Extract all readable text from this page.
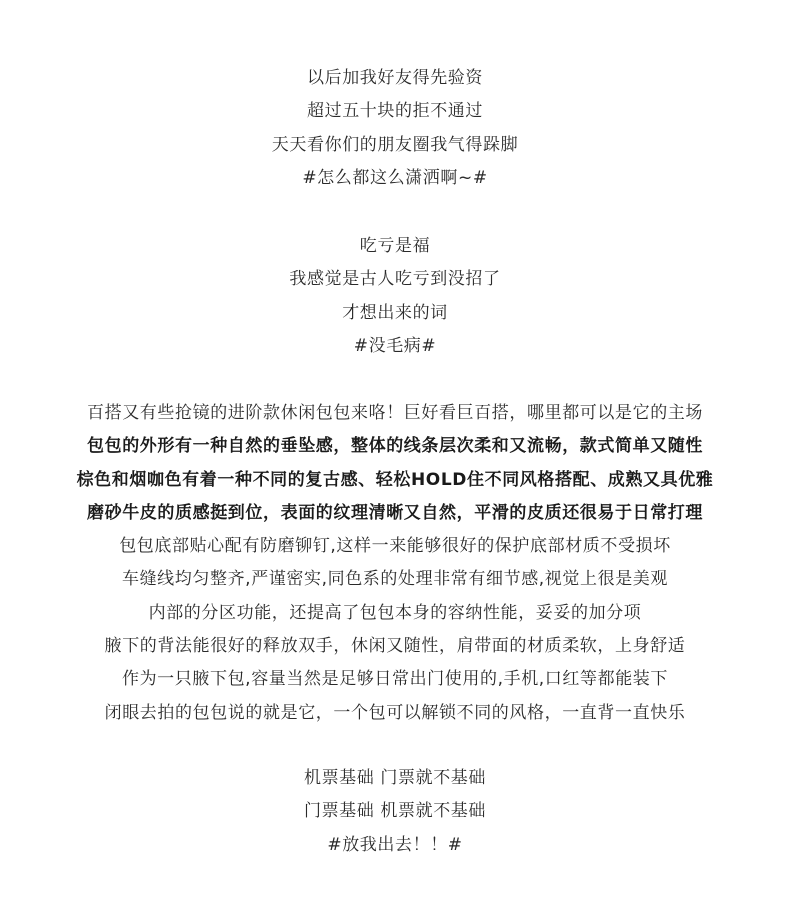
以后加我好友得先验资
超过五十块的拒不通过
天天看你们的朋友圈我气得跺脚
#怎么都这么潇洒啊~#
吃亏是福
我感觉是古人吃亏到没招了
才想出来的词
#没毛病#
百搭又有些抢镜的进阶款休闲包包来咯！巨好看巨百搭，哪里都可以是它的主场
包包的外形有一种自然的垂坠感，整体的线条层次柔和又流畅，款式简单又随性
棕色和烟咖色有着一种不同的复古感、轻松HOLD住不同风格搭配、成熟又具优雅
磨砂牛皮的质感挺到位，表面的纹理清晰又自然，平滑的皮质还很易于日常打理
包包底部贴心配有防磨铆钉,这样一来能够很好的保护底部材质不受损坏
车缝线均匀整齐,严谨密实,同色系的处理非常有细节感,视觉上很是美观
内部的分区功能，还提高了包包本身的容纳性能，妥妥的加分项
腋下的背法能很好的释放双手，休闲又随性，肩带面的材质柔软，上身舒适
作为一只腋下包,容量当然是足够日常出门使用的,手机,口红等都能装下
闭眼去拍的包包说的就是它，一个包可以解锁不同的风格，一直背一直快乐
机票基础 门票就不基础
门票基础 机票就不基础
#放我出去！！#
